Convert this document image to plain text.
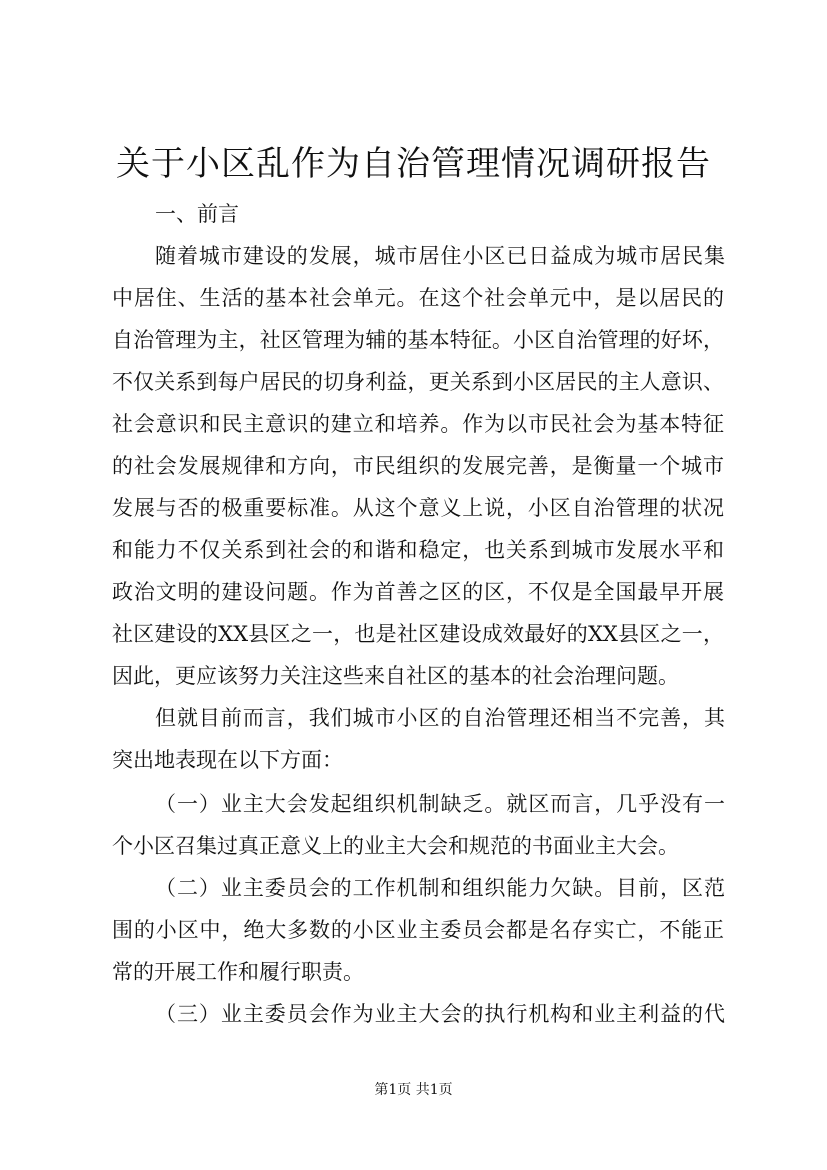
关于小区乱作为自治管理情况调研报告
一、前言
随着城市建设的发展，城市居住小区已日益成为城市居民集
中居住、生活的基本社会单元。在这个社会单元中，是以居民的
自治管理为主，社区管理为辅的基本特征。小区自治管理的好坏，
不仅关系到每户居民的切身利益，更关系到小区居民的主人意识、
社会意识和民主意识的建立和培养。作为以市民社会为基本特征
的社会发展规律和方向，市民组织的发展完善，是衡量一个城市
发展与否的极重要标准。从这个意义上说，小区自治管理的状况
和能力不仅关系到社会的和谐和稳定，也关系到城市发展水平和
政治文明的建设问题。作为首善之区的区，不仅是全国最早开展
社区建设的XX县区之一，也是社区建设成效最好的XX县区之一，
因此，更应该努力关注这些来自社区的基本的社会治理问题。
但就目前而言，我们城市小区的自治管理还相当不完善，其
突出地表现在以下方面：
（一）业主大会发起组织机制缺乏。就区而言，几乎没有一
个小区召集过真正意义上的业主大会和规范的书面业主大会。
（二）业主委员会的工作机制和组织能力欠缺。目前，区范
围的小区中，绝大多数的小区业主委员会都是名存实亡，不能正
常的开展工作和履行职责。
（三）业主委员会作为业主大会的执行机构和业主利益的代
第1页 共1页
